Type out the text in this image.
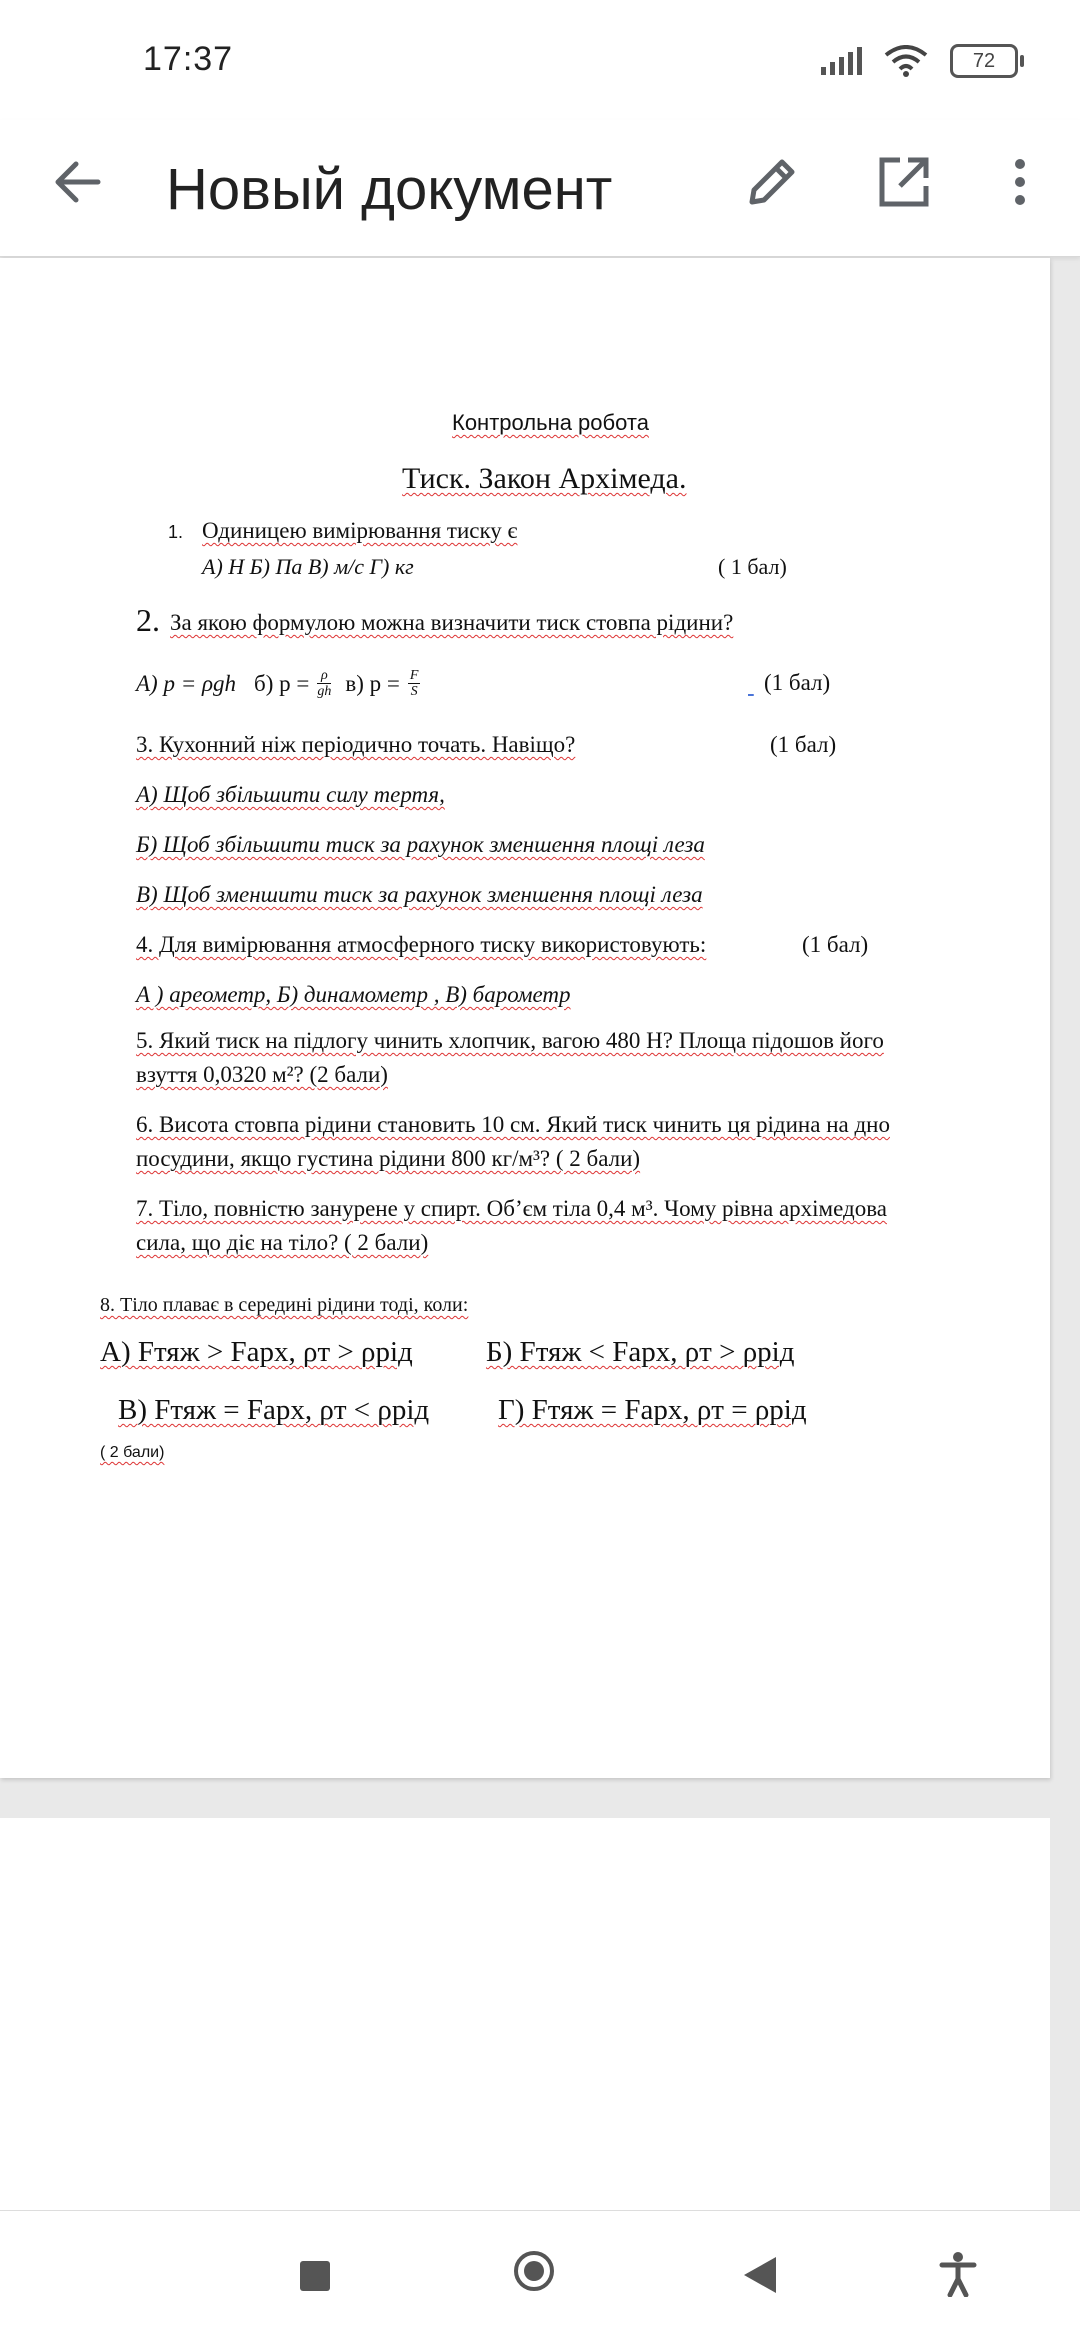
17:37	72
Новый документ
Контрольна робота
Тиск. Закон Архімеда.
1. Одиницею вимірювання тиску є
А) Н Б) Па В) м/с Г) кг	( 1 бал)
2. За якою формулою можна визначити тиск стовпа рідини?
А) p = ρgh б) $p = \frac{\rho}{gh} в$) $p = \frac{F}{S}$
	(1 бал)
3. Кухонний ніж періодично точать. Навіщо?	(1 бал)
А) Щоб збільшити силу тертя,
Б) Щоб збільшити тиск за рахунок зменшення площі леза
В) Щоб зменшити тиск за рахунок зменшення площі леза
4. Для вимірювання атмосферного тиску використовують:	(1 бал)
А ) ареометр, Б) динамометр , В) барометр
5. Який тиск на підлогу чинить хлопчик, вагою 480 Н? Площа підошов його
взуття 0,0320 м²? (2 бали)
6. Висота стовпа рідини становить 10 см. Який тиск чинить ця рідина на дно
посудини, якщо густина рідини 800 кг/м³? ( 2 бали)
7. Тіло, повністю занурене у спирт. Об’єм тіла 0,4 м³. Чому рівна архімедова
сила, що діє на тіло? ( 2 бали)
8. Тіло плаває в середині рідини тоді, коли:
А) Fтяж > Fарх, ρт > ρрід	Б) Fтяж < Fарх, ρт > ρрід
В) Fтяж = Fарх, ρт < ρрід Г) Fтяж = Fарх, ρт = ρрід
( 2 бали)
